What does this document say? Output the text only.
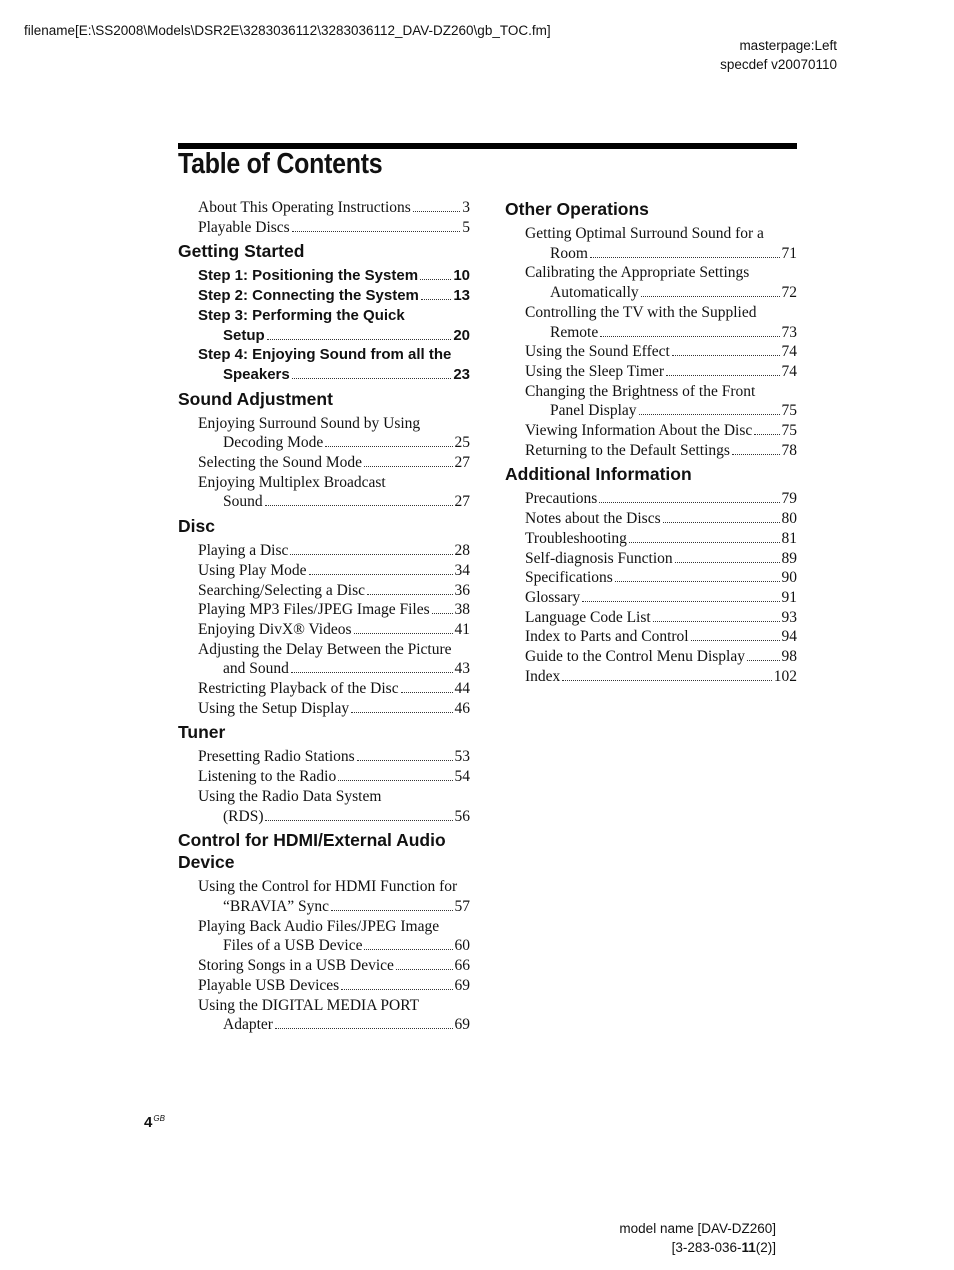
filename[E:\SS2008\Models\DSR2E\3283036112\3283036112_DAV-DZ260\gb_TOC.fm]
masterpage:Left
specdef v20070110
Table of Contents
About This Operating Instructions	3
Playable Discs	5
Getting Started
Step 1: Positioning the System 10
Step 2: Connecting the System 13
Step 3: Performing the Quick
Setup	20
Step 4: Enjoying Sound from all the
Speakers	23
Sound Adjustment
Enjoying Surround Sound by Using
Decoding Mode	25
Selecting the Sound Mode	27
Enjoying Multiplex Broadcast
Sound	27
Disc
Playing a Disc	28
Using Play Mode	34
Searching/Selecting a Disc	36
Playing MP3 Files/JPEG Image Files 38
Enjoying DivX® Videos	41
Adjusting the Delay Between the Picture
and Sound	43
Restricting Playback of the Disc	44
Using the Setup Display	46
Tuner
Presetting Radio Stations	53
Listening to the Radio	54
Using the Radio Data System
(RDS)	56
Control for HDMI/External Audio Device
Using the Control for HDMI Function for
“BRAVIA” Sync	57
Playing Back Audio Files/JPEG Image
Files of a USB Device	60
Storing Songs in a USB Device	66
Playable USB Devices	69
Using the DIGITAL MEDIA PORT
Adapter	69
Other Operations
Getting Optimal Surround Sound for a
Room	71
Calibrating the Appropriate Settings
Automatically	72
Controlling the TV with the Supplied
Remote	73
Using the Sound Effect	74
Using the Sleep Timer	74
Changing the Brightness of the Front
Panel Display	75
Viewing Information About the Disc 75
Returning to the Default Settings	78
Additional Information
Precautions	79
Notes about the Discs	80
Troubleshooting	81
Self-diagnosis Function	89
Specifications	90
Glossary	91
Language Code List	93
Index to Parts and Control	94
Guide to the Control Menu Display 98
Index	102
$4^{GB}$
model name [DAV-DZ260]
[3-283-036-11(2)]
